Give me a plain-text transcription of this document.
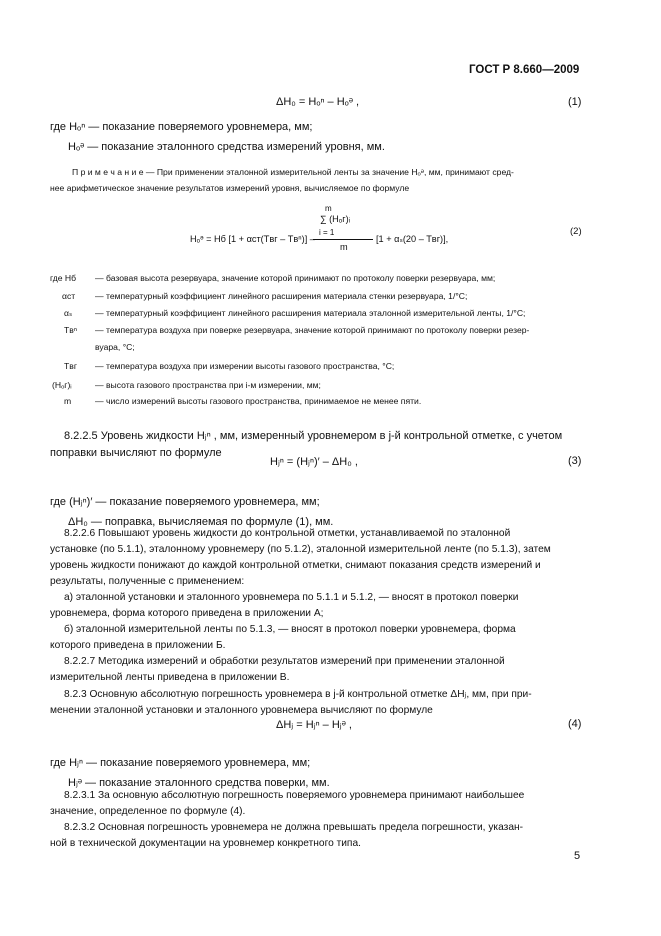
ГОСТ Р 8.660—2009
ΔH₀ = Hₒⁿ – Hₒᵊ ,	(1)
где Hₒⁿ — показание поверяемого уровнемера, мм;
Hₒᵊ — показание эталонного средства измерений уровня, мм.
П р и м е ч а н и е — При применении эталонной измерительной ленты за значение Hₒᵊ, мм, принимают сред-
нее арифметическое значение результатов измерений уровня, вычисляемое по формуле
Hₒᵊ = Hб [1 + αст(Tвᴦ – Tвⁿ)] –
m
∑ (Hₒᴦ)ᵢ
i = 1
m
[1 + αₛ(20 – Tвᴦ)],
(2)
где Hб — базовая высота резервуара, значение которой принимают по протоколу поверки резервуара, мм;
αст — температурный коэффициент линейного расширения материала стенки резервуара, 1/°С;
αₛ	— температурный коэффициент линейного расширения материала эталонной измерительной ленты, 1/°С;
Tвⁿ — температура воздуха при поверке резервуара, значение которой принимают по протоколу поверки резер-
вуара, °С;
Tвᴦ — температура воздуха при измерении высоты газового пространства, °С;
(Hₒᴦ)ᵢ	— высота газового пространства при i-м измерении, мм;
m	— число измерений высоты газового пространства, принимаемое не менее пяти.
8.2.2.5 Уровень жидкости Hⱼⁿ , мм, измеренный уровнемером в j-й контрольной отметке, с учетом
поправки вычисляют по формуле
Hⱼⁿ = (Hⱼⁿ)′ – ΔH₀ ,	(3)
где (Hⱼⁿ)′ — показание поверяемого уровнемера, мм;
ΔH₀ — поправка, вычисляемая по формуле (1), мм.
8.2.2.6 Повышают уровень жидкости до контрольной отметки, устанавливаемой по эталонной
установке (по 5.1.1), эталонному уровнемеру (по 5.1.2), эталонной измерительной ленте (по 5.1.3), затем
уровень жидкости понижают до каждой контрольной отметки, снимают показания средств измерений и
результаты, полученные с применением:
а) эталонной установки и эталонного уровнемера по 5.1.1 и 5.1.2, — вносят в протокол поверки
уровнемера, форма которого приведена в приложении А;
б) эталонной измерительной ленты по 5.1.3, — вносят в протокол поверки уровнемера, форма
которого приведена в приложении Б.
8.2.2.7 Методика измерений и обработки результатов измерений при применении эталонной
измерительной ленты приведена в приложении В.
8.2.3 Основную абсолютную погрешность уровнемера в j-й контрольной отметке ΔHⱼ, мм, при при-
менении эталонной установки и эталонного уровнемера вычисляют по формуле
ΔHⱼ = Hⱼⁿ – Hⱼᵊ ,	(4)
где Hⱼⁿ — показание поверяемого уровнемера, мм;
Hⱼᵊ — показание эталонного средства поверки, мм.
8.2.3.1 За основную абсолютную погрешность поверяемого уровнемера принимают наибольшее
значение, определенное по формуле (4).
8.2.3.2 Основная погрешность уровнемера не должна превышать предела погрешности, указан-
ной в технической документации на уровнемер конкретного типа.
5
